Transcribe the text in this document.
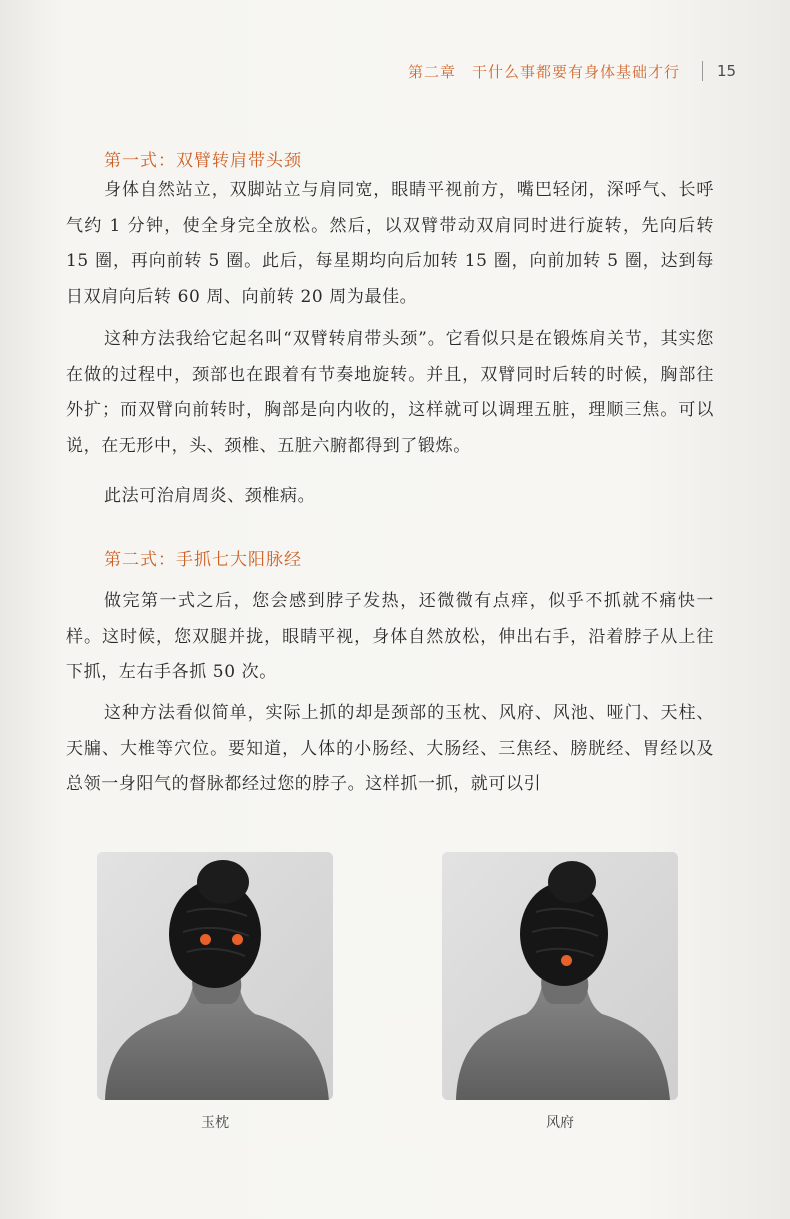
第二章　干什么事都要有身体基础才行 15
第一式：双臂转肩带头颈

身体自然站立，双脚站立与肩同宽，眼睛平视前方，嘴巴轻闭，深呼气、长呼气约 1 分钟，使全身完全放松。然后，以双臂带动双肩同时进行旋转，先向后转 15 圈，再向前转 5 圈。此后，每星期均向后加转 15 圈，向前加转 5 圈，达到每日双肩向后转 60 周、向前转 20 周为最佳。

这种方法我给它起名叫“双臂转肩带头颈”。它看似只是在锻炼肩关节，其实您在做的过程中，颈部也在跟着有节奏地旋转。并且，双臂同时后转的时候，胸部往外扩；而双臂向前转时，胸部是向内收的，这样就可以调理五脏，理顺三焦。可以说，在无形中，头、颈椎、五脏六腑都得到了锻炼。

此法可治肩周炎、颈椎病。

第二式：手抓七大阳脉经

做完第一式之后，您会感到脖子发热，还微微有点痒，似乎不抓就不痛快一样。这时候，您双腿并拢，眼睛平视，身体自然放松，伸出右手，沿着脖子从上往下抓，左右手各抓 50 次。

这种方法看似简单，实际上抓的却是颈部的玉枕、风府、风池、哑门、天柱、天牖、大椎等穴位。要知道，人体的小肠经、大肠经、三焦经、膀胱经、胃经以及总领一身阳气的督脉都经过您的脖子。这样抓一抓，就可以引

玉枕	风府
